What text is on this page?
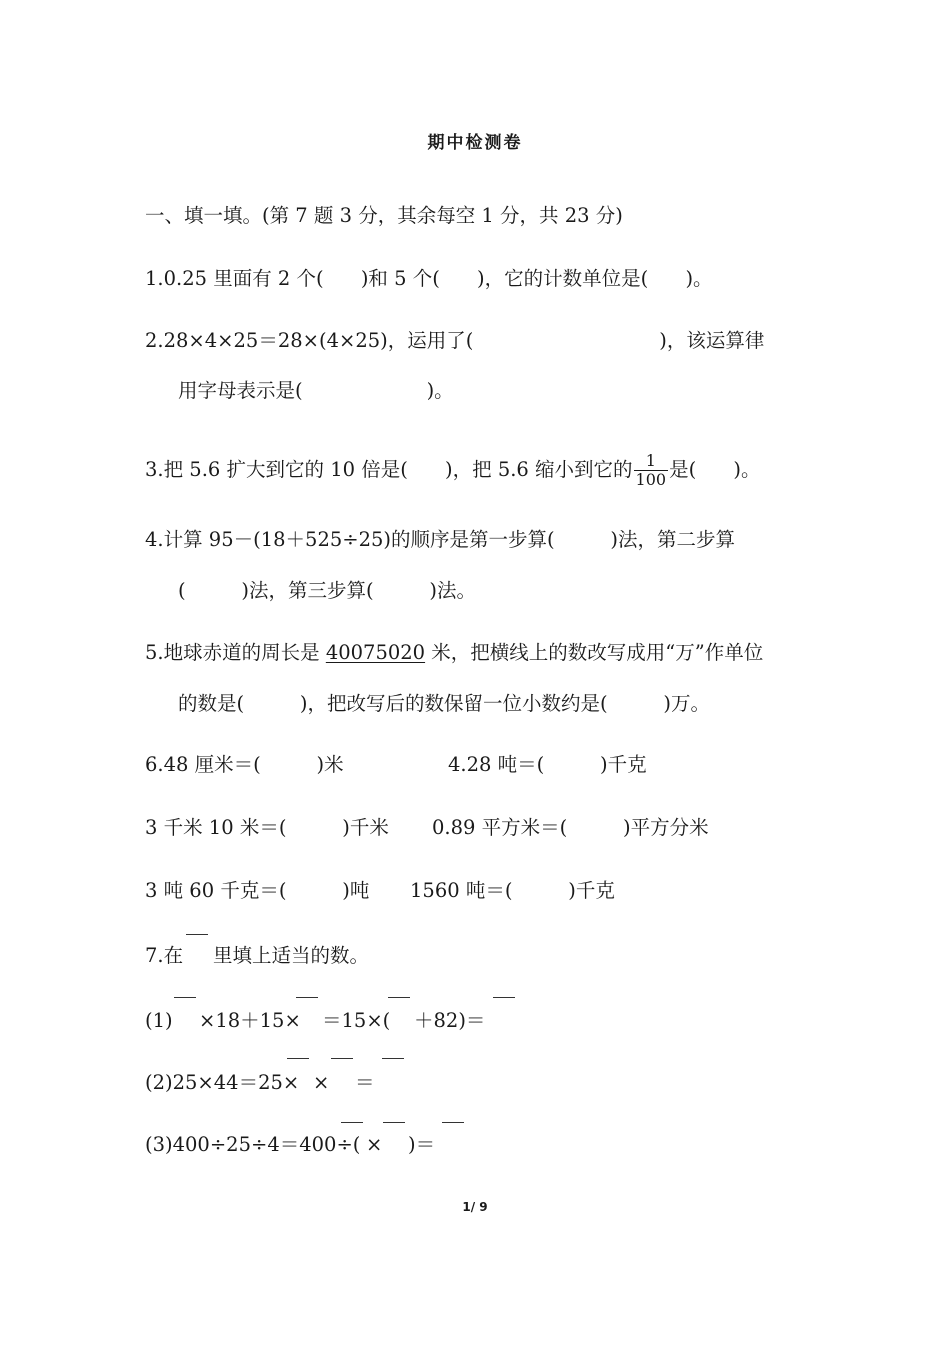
期中检测卷
一、填一填。(第 7 题 3 分，其余每空 1 分，共 23 分)
1.0.25 里面有 2 个(      )和 5 个(      )，它的计数单位是(      )。
2.28×4×25＝28×(4×25)，运用了(                              )，该运算律
用字母表示是(                    )。
3.把 5.6 扩大到它的 10 倍是(      )，把 5.6 缩小到它的 $\frac{1}{100}$ 是(      )。
4.计算 95－(18＋525÷25)的顺序是第一步算(         )法，第二步算
(         )法，第三步算(         )法。
5.地球赤道的周长是 40075020 米，把横线上的数改写成用“万”作单位
的数是(         )，把改写后的数保留一位小数约是(         )万。
6.48 厘米＝(         )米	4.28 吨＝(         )千克
3 千米 10 米＝(         )千米 0.89 平方米＝(         )平方分米
3 吨 60 千克＝(         )吨 1560 吨＝(         )千克
7.在 里填上适当的数。
(1) ×18＋15× ＝15×( ＋82)＝
(2)25×44＝25× × ＝
(3)400÷25÷4＝400÷( × )＝
1/ 9
